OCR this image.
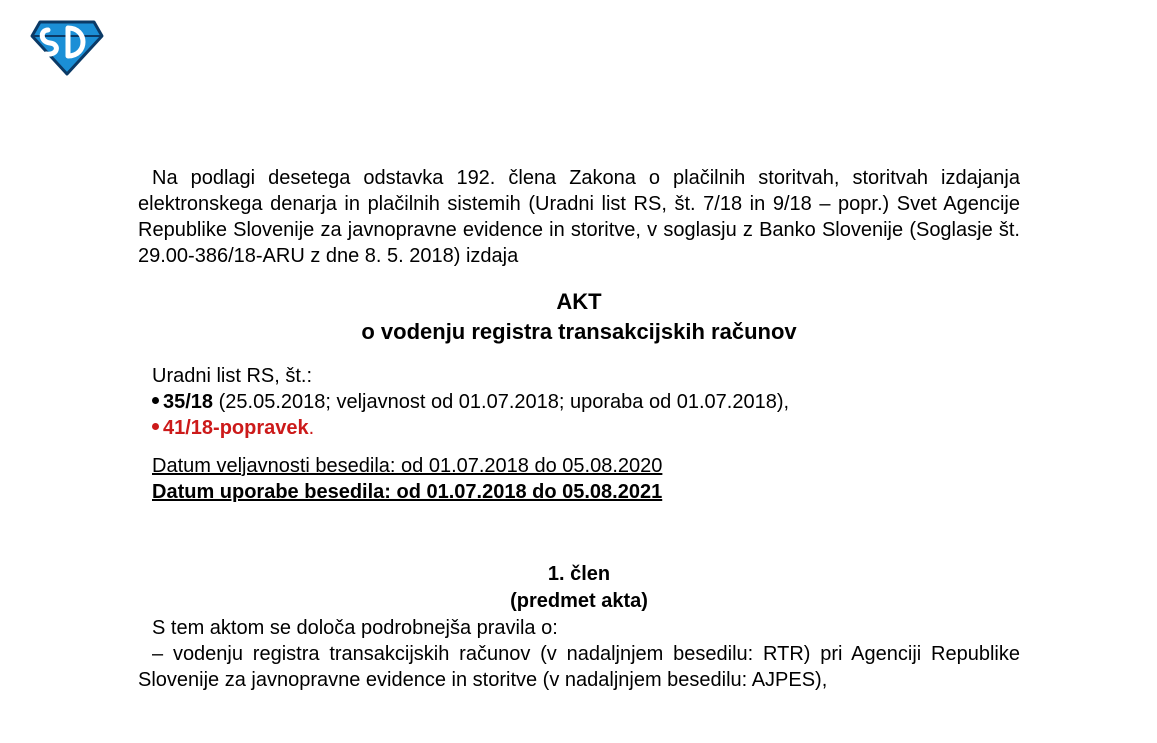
Na podlagi desetega odstavka 192. člena Zakona o plačilnih storitvah, storitvah izdajanja elektronskega denarja in plačilnih sistemih (Uradni list RS, št. 7/18 in 9/18 – popr.) Svet Agencije Republike Slovenije za javnopravne evidence in storitve, v soglasju z Banko Slovenije (Soglasje št. 29.00-386/18-ARU z dne 8. 5. 2018) izdaja

AKT
o vodenju registra transakcijskih računov

Uradni list RS, št.:

35/18 (25.05.2018; veljavnost od 01.07.2018; uporaba od 01.07.2018),

41/18-popravek.

Datum veljavnosti besedila: od 01.07.2018 do 05.08.2020
Datum uporabe besedila: od 01.07.2018 do 05.08.2021
1. člen
(predmet akta)

S tem aktom se določa podrobnejša pravila o:

– vodenju registra transakcijskih računov (v nadaljnjem besedilu: RTR) pri Agenciji Republike Slovenije za javnopravne evidence in storitve (v nadaljnjem besedilu: AJPES),
